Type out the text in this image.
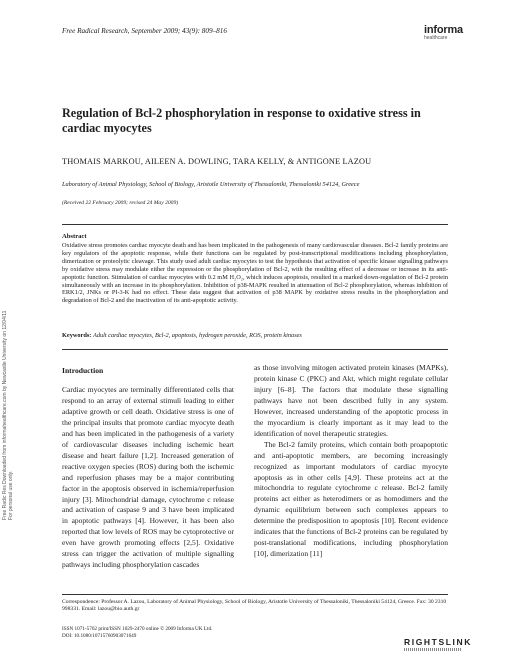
Free Radic Res Downloaded from informahealthcare.com by Newcastle University on 12/04/11
For personal use only.
Free Radical Research, September 2009; 43(9): 809–816	informa
healthcare
Regulation of Bcl-2 phosphorylation in response to oxidative stress in cardiac myocytes
THOMAIS MARKOU, AILEEN A. DOWLING, TARA KELLY, & ANTIGONE LAZOU
Laboratory of Animal Physiology, School of Biology, Aristotle University of Thessaloniki, Thessaloniki 54124, Greece
(Received 22 February 2009; revised 24 May 2009)
Abstract
Oxidative stress promotes cardiac myocyte death and has been implicated in the pathogenesis of many cardiovascular diseases. Bcl-2 family proteins are key regulators of the apoptotic response, while their functions can be regulated by post-transcriptional modifications including phosphorylation, dimerization or proteolytic cleavage. This study used adult cardiac myocytes to test the hypothesis that activation of specific kinase signalling pathways by oxidative stress may modulate either the expression or the phosphorylation of Bcl-2, with the resulting effect of a decrease or increase in its anti-apoptotic function. Stimulation of cardiac myocytes with 0.2 mM H₂O₂, which induces apoptosis, resulted in a marked down-regulation of Bcl-2 protein simultaneously with an increase in its phosphorylation. Inhibition of p38-MAPK resulted in attenuation of Bcl-2 phosphorylation, whereas inhibition of ERK1/2, JNKs or PI-3-K had no effect. These data suggest that activation of p38 MAPK by oxidative stress results in the phosphorylation and degradation of Bcl-2 and the inactivation of its anti-apoptotic activity.
Keywords: Adult cardiac myocytes, Bcl-2, apoptosis, hydrogen peroxide, ROS, protein kinases
Introduction

Cardiac myocytes are terminally differentiated cells that respond to an array of external stimuli leading to either adaptive growth or cell death. Oxidative stress is one of the principal insults that promote cardiac myocyte death and has been implicated in the pathogenesis of a variety of cardiovascular diseases including ischemic heart disease and heart failure [1,2]. Increased generation of reactive oxygen species (ROS) during both the ischemic and reperfusion phases may be a major contributing factor in the apoptosis observed in ischemia/reperfusion injury [3]. Mitochondrial damage, cytochrome c release and activation of caspase 9 and 3 have been implicated in apoptotic pathways [4]. However, it has been also reported that low levels of ROS may be cytoprotective or even have growth promoting effects [2,5]. Oxidative stress can trigger the activation of multiple signalling pathways including phosphorylation cascades

as those involving mitogen activated protein kinases (MAPKs), protein kinase C (PKC) and Akt, which might regulate cellular injury [6–8]. The factors that modulate these signalling pathways have not been described fully in any system. However, increased understanding of the apoptotic process in the myocardium is clearly important as it may lead to the identification of novel therapeutic strategies.

The Bcl-2 family proteins, which contain both proapoptotic and anti-apoptotic members, are becoming increasingly recognized as important modulators of cardiac myocyte apoptosis as in other cells [4,9]. These proteins act at the mitochondria to regulate cytochrome c release. Bcl-2 family proteins act either as heterodimers or as homodimers and the dynamic equilibrium between such complexes appears to determine the predisposition to apoptosis [10]. Recent evidence indicates that the functions of Bcl-2 proteins can be regulated by post-translational modifications, including phosphorylation [10], dimerization [11]

Correspondence: Professor A. Lazou, Laboratory of Animal Physiology, School of Biology, Aristotle University of Thessaloniki, Thessaloniki 54124, Greece. Fax: 30 2310 998331. Email: lazou@bio.auth.gr
ISSN 1071-5762 print/ISSN 1029-2470 online © 2009 Informa UK Ltd.
DOI: 10.1080/10715760903071649
RIGHTSLINK
